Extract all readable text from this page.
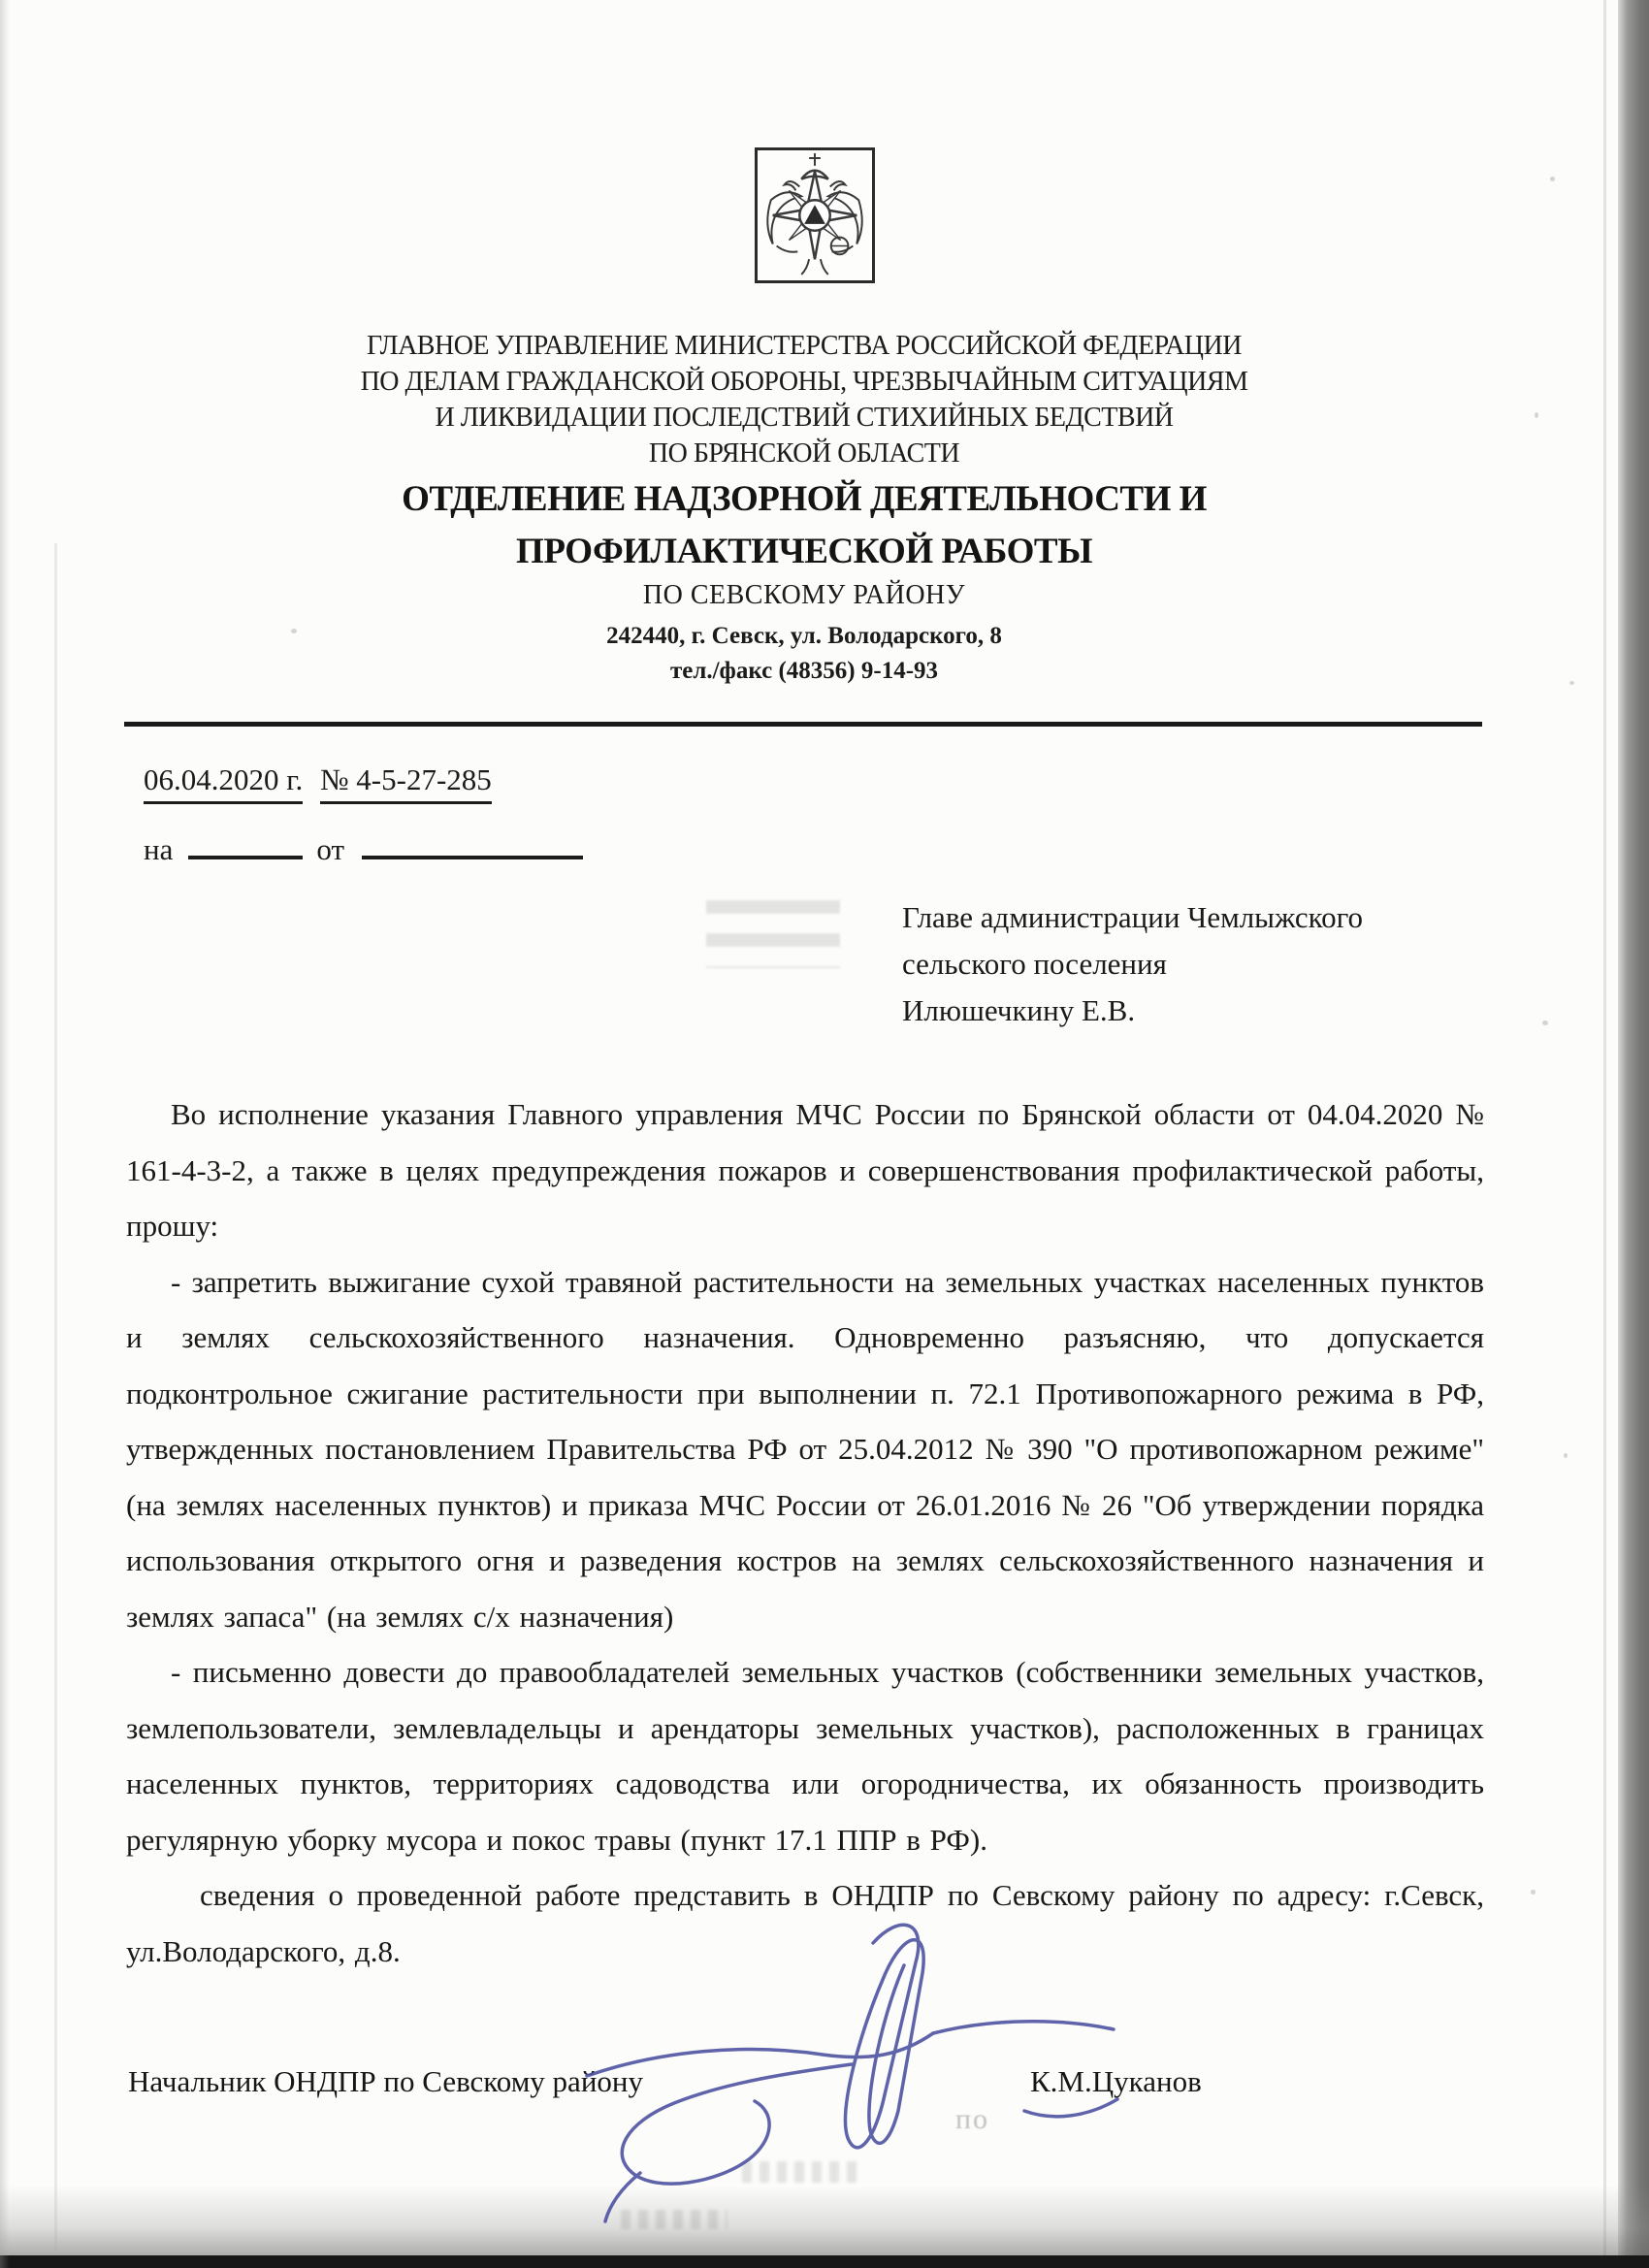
по
ГЛАВНОЕ УПРАВЛЕНИЕ МИНИСТЕРСТВА РОССИЙСКОЙ ФЕДЕРАЦИИ
ПО ДЕЛАМ ГРАЖДАНСКОЙ ОБОРОНЫ, ЧРЕЗВЫЧАЙНЫМ СИТУАЦИЯМ
И ЛИКВИДАЦИИ ПОСЛЕДСТВИЙ СТИХИЙНЫХ БЕДСТВИЙ
ПО БРЯНСКОЙ ОБЛАСТИ
ОТДЕЛЕНИЕ НАДЗОРНОЙ ДЕЯТЕЛЬНОСТИ И
ПРОФИЛАКТИЧЕСКОЙ РАБОТЫ
ПО СЕВСКОМУ РАЙОНУ
242440, г. Севск, ул. Володарского, 8
тел./факс (48356) 9-14-93
06.04.2020 г. № 4-5-27-285
на	от
Главе администрации Чемлыжского
сельского поселения
Илюшечкину Е.В.

Во исполнение указания Главного управления МЧС России по Брянской области от 04.04.2020 № 161-4-3-2, а также в целях предупреждения пожаров и совершенствования профилактической работы, прошу:

- запретить выжигание сухой травяной растительности на земельных участках населенных пунктов и землях сельскохозяйственного назначения. Одновременно разъясняю, что допускается подконтрольное сжигание растительности при выполнении п. 72.1 Противопожарного режима в РФ, утвержденных постановлением Правительства РФ от 25.04.2012 № 390 "О противопожарном режиме" (на землях населенных пунктов) и приказа МЧС России от 26.01.2016 № 26 "Об утверждении порядка использования открытого огня и разведения костров на землях сельскохозяйственного назначения и землях запаса" (на землях с/х назначения)

- письменно довести до правообладателей земельных участков (собственники земельных участков, землепользователи, землевладельцы и арендаторы земельных участков), расположенных в границах населенных пунктов, территориях садоводства или огородничества, их обязанность производить регулярную уборку мусора и покос травы (пункт 17.1 ППР в РФ).

сведения о проведенной работе представить в ОНДПР по Севскому району по адресу: г.Севск, ул.Володарского, д.8.

Начальник ОНДПР по Севскому району	К.М.Цуканов
